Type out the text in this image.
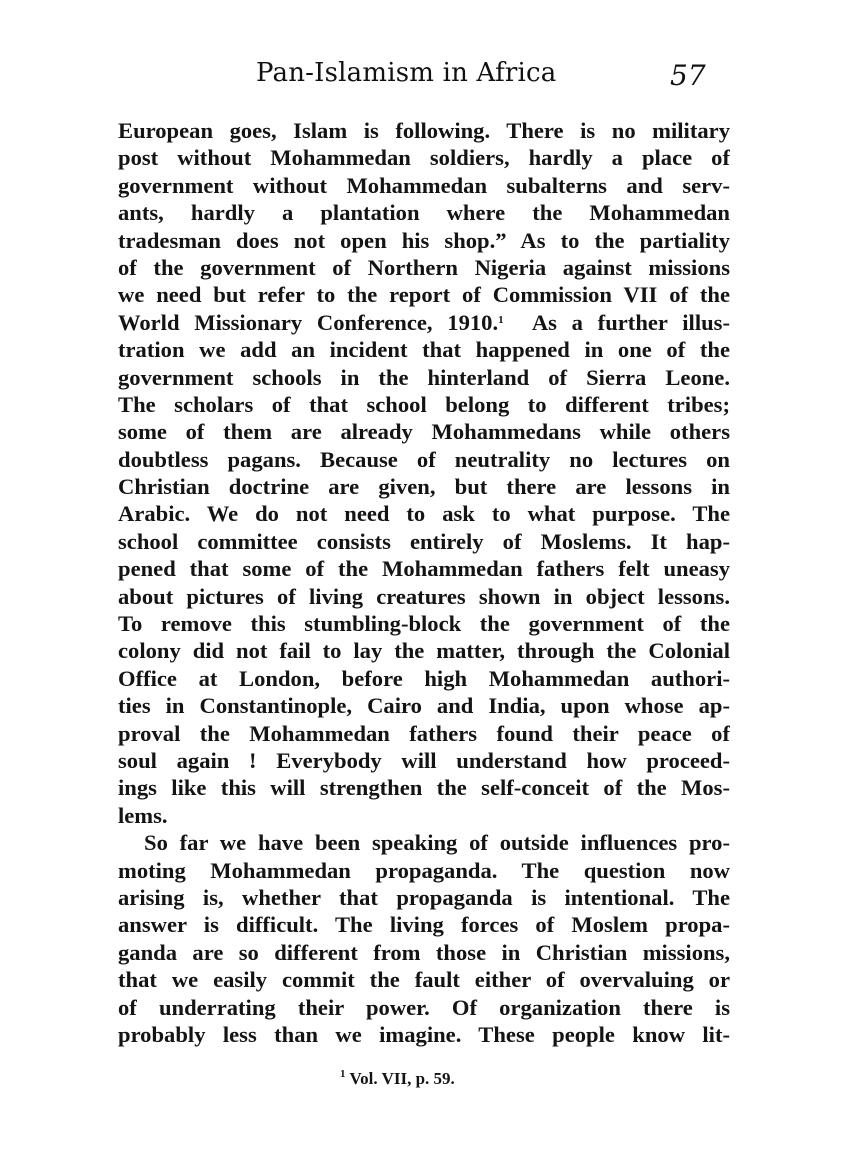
Pan-Islamism in Africa	57
European goes, Islam is following. There is no military
post without Mohammedan soldiers, hardly a place of
government without Mohammedan subalterns and serv-
ants, hardly a plantation where the Mohammedan
tradesman does not open his shop.” As to the partiality
of the government of Northern Nigeria against missions
we need but refer to the report of Commission VII of the
World Missionary Conference, 1910.$^1$  As a further illus-
tration we add an incident that happened in one of the
government schools in the hinterland of Sierra Leone.
The scholars of that school belong to different tribes;
some of them are already Mohammedans while others
doubtless pagans. Because of neutrality no lectures on
Christian doctrine are given, but there are lessons in
Arabic. We do not need to ask to what purpose. The
school committee consists entirely of Moslems. It hap-
pened that some of the Mohammedan fathers felt uneasy
about pictures of living creatures shown in object lessons.
To remove this stumbling-block the government of the
colony did not fail to lay the matter, through the Colonial
Office at London, before high Mohammedan authori-
ties in Constantinople, Cairo and India, upon whose ap-
proval the Mohammedan fathers found their peace of
soul again ! Everybody will understand how proceed-
ings like this will strengthen the self-conceit of the Mos-
lems.
So far we have been speaking of outside influences pro-
moting Mohammedan propaganda. The question now
arising is, whether that propaganda is intentional. The
answer is difficult. The living forces of Moslem propa-
ganda are so different from those in Christian missions,
that we easily commit the fault either of overvaluing or
of underrating their power. Of organization there is
probably less than we imagine. These people know lit-
$^1$ Vol. VII, p. 59.
